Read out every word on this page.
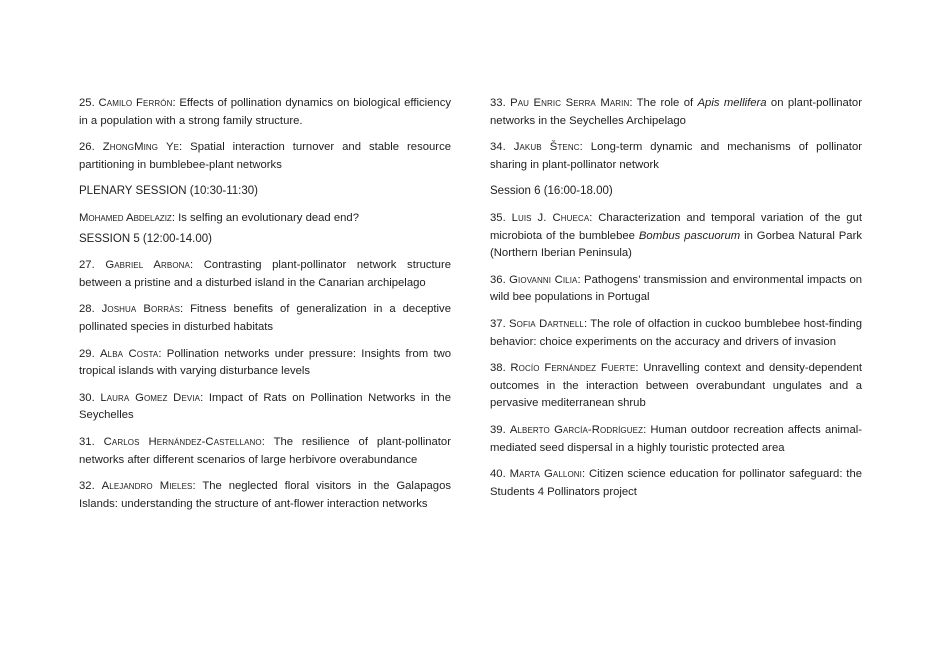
25. Camilo Ferrón: Effects of pollination dynamics on biological efficiency in a population with a strong family structure.

26. ZhongMing Ye: Spatial interaction turnover and stable resource partitioning in bumblebee-plant networks

PLENARY SESSION (10:30-11:30)

Mohamed Abdelaziz: Is selfing an evolutionary dead end?

SESSION 5 (12:00-14.00)

27. Gabriel Arbona: Contrasting plant-pollinator network structure between a pristine and a disturbed island in the Canarian archipelago

28. Joshua Borràs: Fitness benefits of generalization in a deceptive pollinated species in disturbed habitats

29. Alba Costa: Pollination networks under pressure: Insights from two tropical islands with varying disturbance levels

30. Laura Gomez Devia: Impact of Rats on Pollination Networks in the Seychelles

31. Carlos Hernández-Castellano: The resilience of plant-pollinator networks after different scenarios of large herbivore overabundance

32. Alejandro Mieles: The neglected floral visitors in the Galapagos Islands: understanding the structure of ant-flower interaction networks

33. Pau Enric Serra Marin: The role of Apis mellifera on plant-pollinator networks in the Seychelles Archipelago

34. Jakub Štenc: Long-term dynamic and mechanisms of pollinator sharing in plant-pollinator network

Session 6 (16:00-18.00)

35. Luis J. Chueca: Characterization and temporal variation of the gut microbiota of the bumblebee Bombus pascuorum in Gorbea Natural Park (Northern Iberian Peninsula)

36. Giovanni Cilia: Pathogens’ transmission and environmental impacts on wild bee populations in Portugal

37. Sofia Dartnell: The role of olfaction in cuckoo bumblebee host-finding behavior: choice experiments on the accuracy and drivers of invasion

38. Rocío Fernández Fuerte: Unravelling context and density-dependent outcomes in the interaction between overabundant ungulates and a pervasive mediterranean shrub

39. Alberto García-Rodríguez: Human outdoor recreation affects animal-mediated seed dispersal in a highly touristic protected area

40. Marta Galloni: Citizen science education for pollinator safeguard: the Students 4 Pollinators project
